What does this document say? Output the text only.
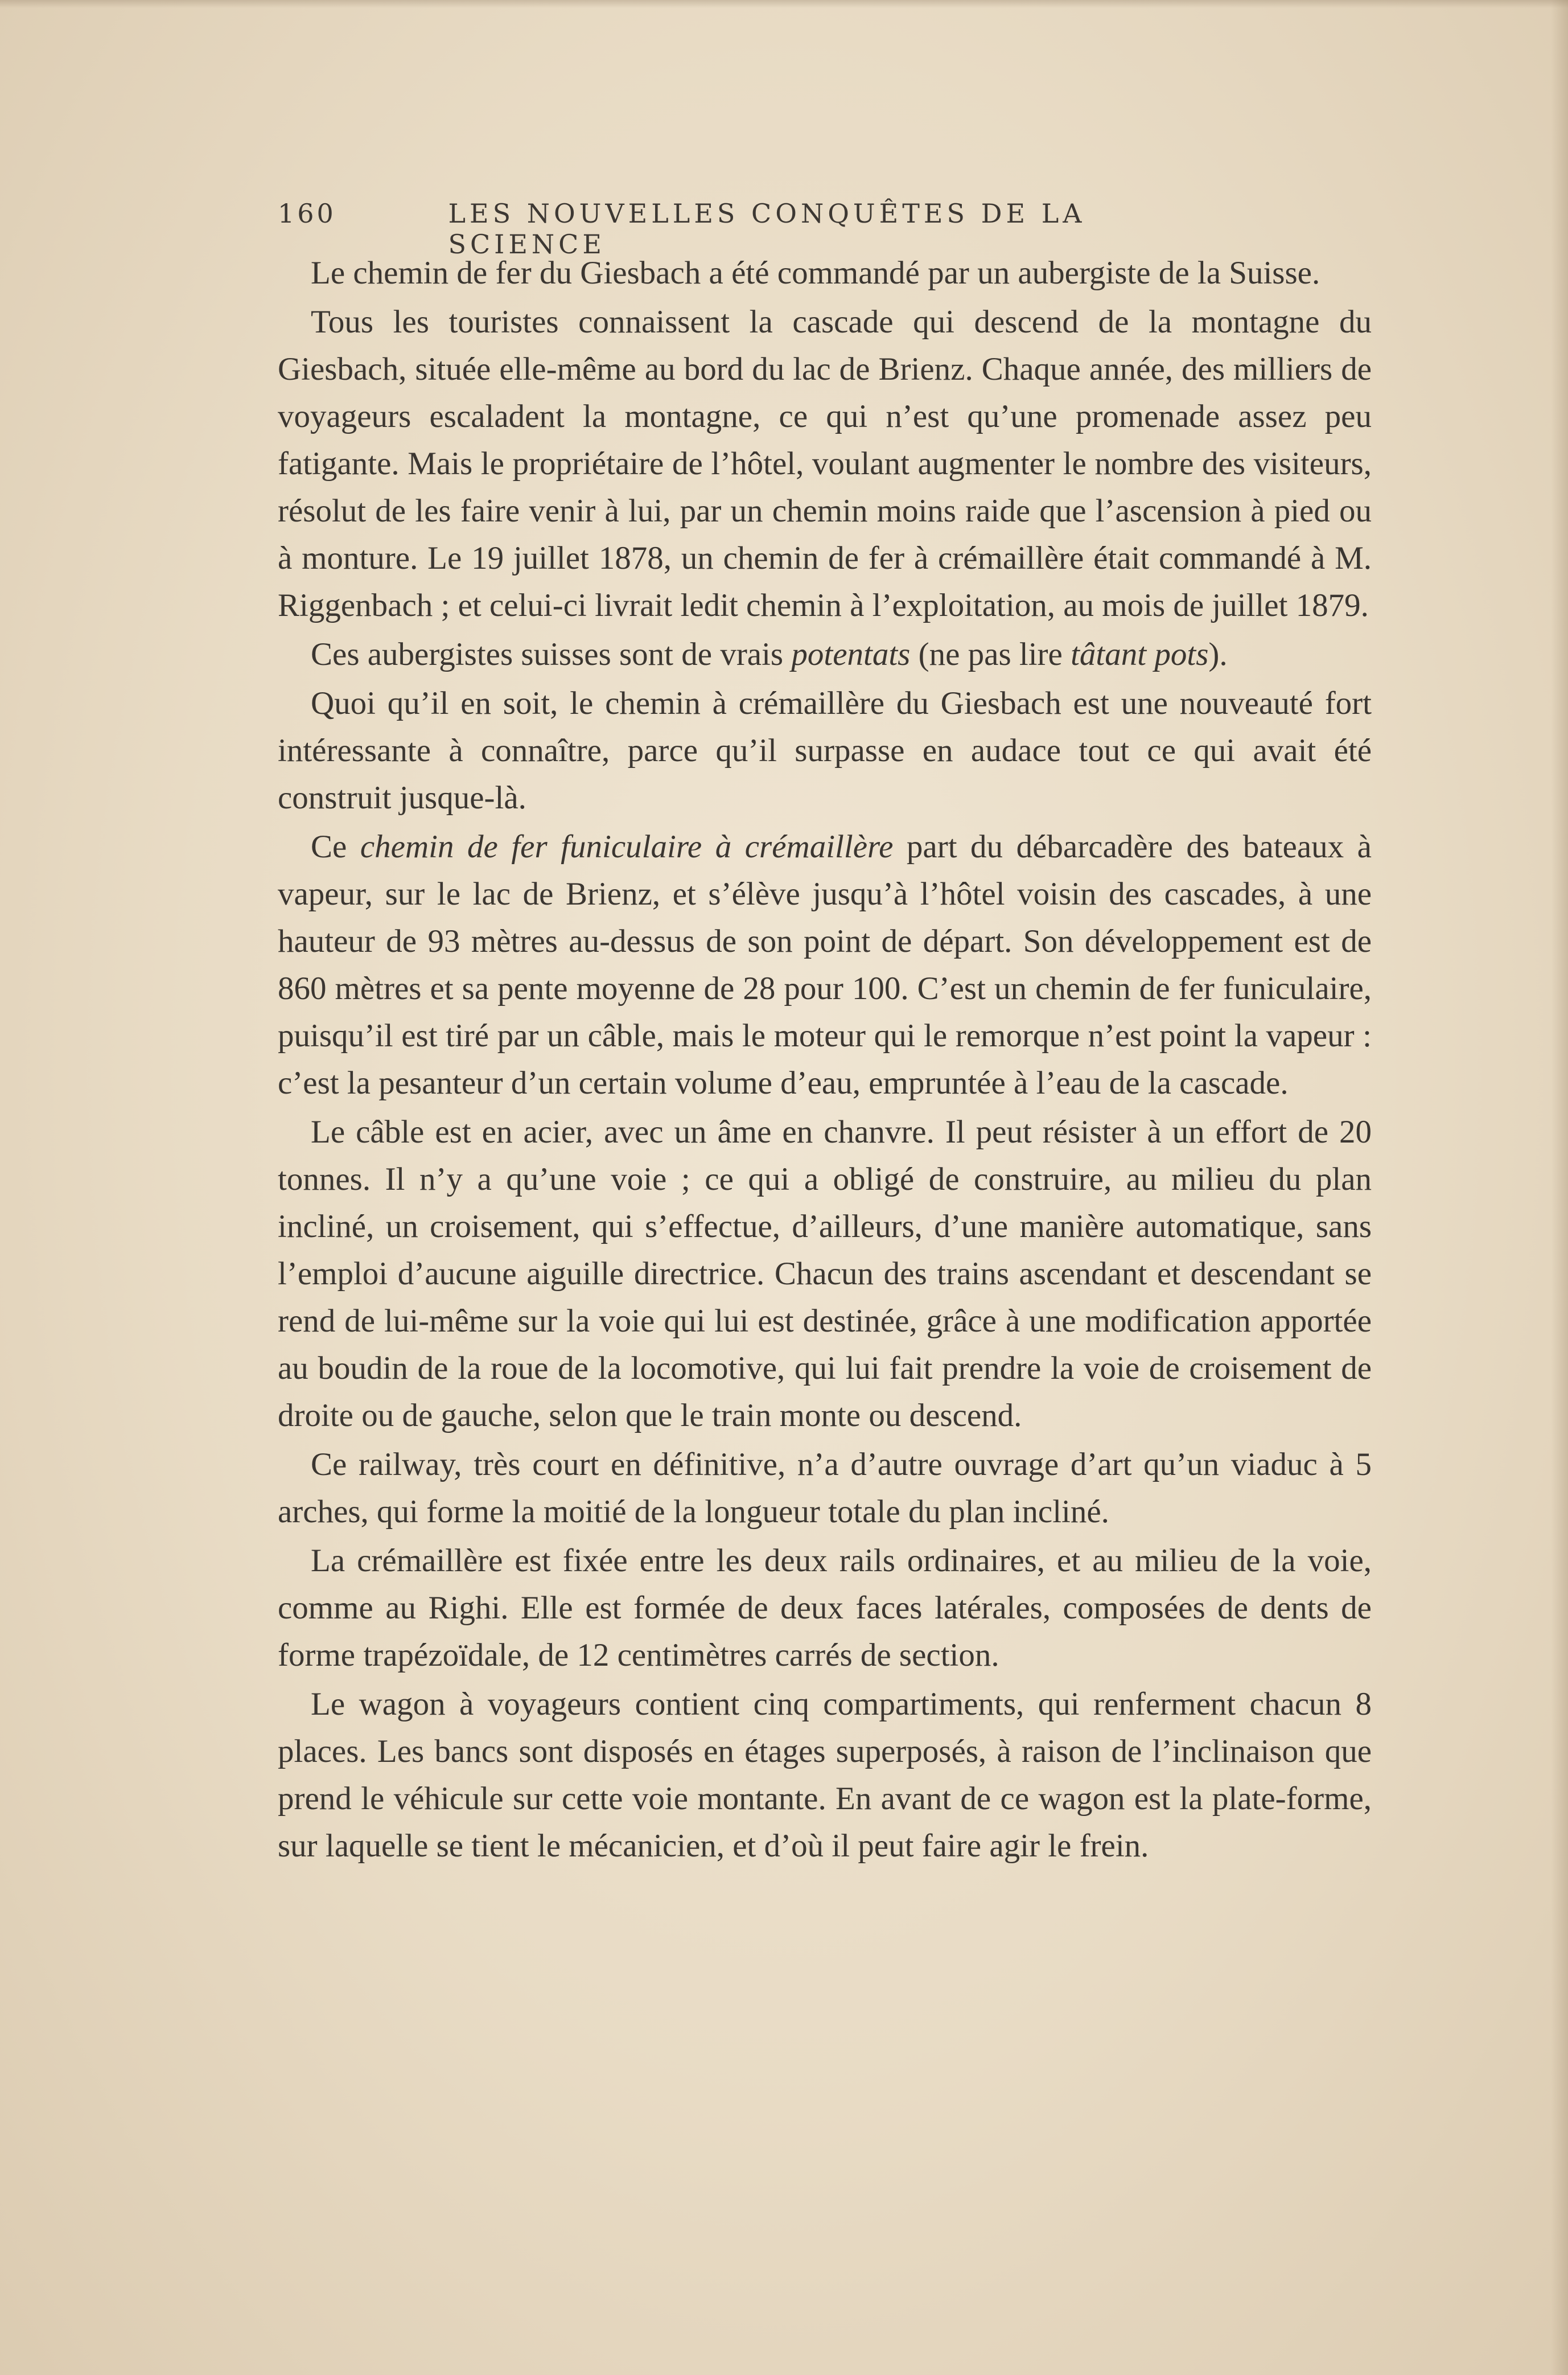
160	LES NOUVELLES CONQUÊTES DE LA SCIENCE

Le chemin de fer du Giesbach a été commandé par un aubergiste de la Suisse.

Tous les touristes connaissent la cascade qui descend de la montagne du Giesbach, située elle-même au bord du lac de Brienz. Chaque année, des milliers de voyageurs escaladent la montagne, ce qui n’est qu’une promenade assez peu fatigante. Mais le propriétaire de l’hôtel, voulant augmenter le nombre des visiteurs, résolut de les faire venir à lui, par un chemin moins raide que l’ascension à pied ou à monture. Le 19 juillet 1878, un chemin de fer à crémaillère était commandé à M. Riggenbach ; et celui-ci livrait ledit chemin à l’exploitation, au mois de juillet 1879.

Ces aubergistes suisses sont de vrais potentats (ne pas lire tâtant pots).

Quoi qu’il en soit, le chemin à crémaillère du Giesbach est une nouveauté fort intéressante à connaître, parce qu’il surpasse en audace tout ce qui avait été construit jusque-là.

Ce chemin de fer funiculaire à crémaillère part du débarcadère des bateaux à vapeur, sur le lac de Brienz, et s’élève jusqu’à l’hôtel voisin des cascades, à une hauteur de 93 mètres au-dessus de son point de départ. Son développement est de 860 mètres et sa pente moyenne de 28 pour 100. C’est un chemin de fer funiculaire, puisqu’il est tiré par un câble, mais le moteur qui le remorque n’est point la vapeur : c’est la pesanteur d’un certain volume d’eau, empruntée à l’eau de la cascade.

Le câble est en acier, avec un âme en chanvre. Il peut résister à un effort de 20 tonnes. Il n’y a qu’une voie ; ce qui a obligé de construire, au milieu du plan incliné, un croisement, qui s’effectue, d’ailleurs, d’une manière automatique, sans l’emploi d’aucune aiguille directrice. Chacun des trains ascendant et descendant se rend de lui-même sur la voie qui lui est destinée, grâce à une modification apportée au boudin de la roue de la locomotive, qui lui fait prendre la voie de croisement de droite ou de gauche, selon que le train monte ou descend.

Ce railway, très court en définitive, n’a d’autre ouvrage d’art qu’un viaduc à 5 arches, qui forme la moitié de la longueur totale du plan incliné.

La crémaillère est fixée entre les deux rails ordinaires, et au milieu de la voie, comme au Righi. Elle est formée de deux faces latérales, composées de dents de forme trapézoïdale, de 12 centimètres carrés de section.

Le wagon à voyageurs contient cinq compartiments, qui renferment chacun 8 places. Les bancs sont disposés en étages superposés, à raison de l’inclinaison que prend le véhicule sur cette voie montante. En avant de ce wagon est la plate-forme, sur laquelle se tient le mécanicien, et d’où il peut faire agir le frein.
